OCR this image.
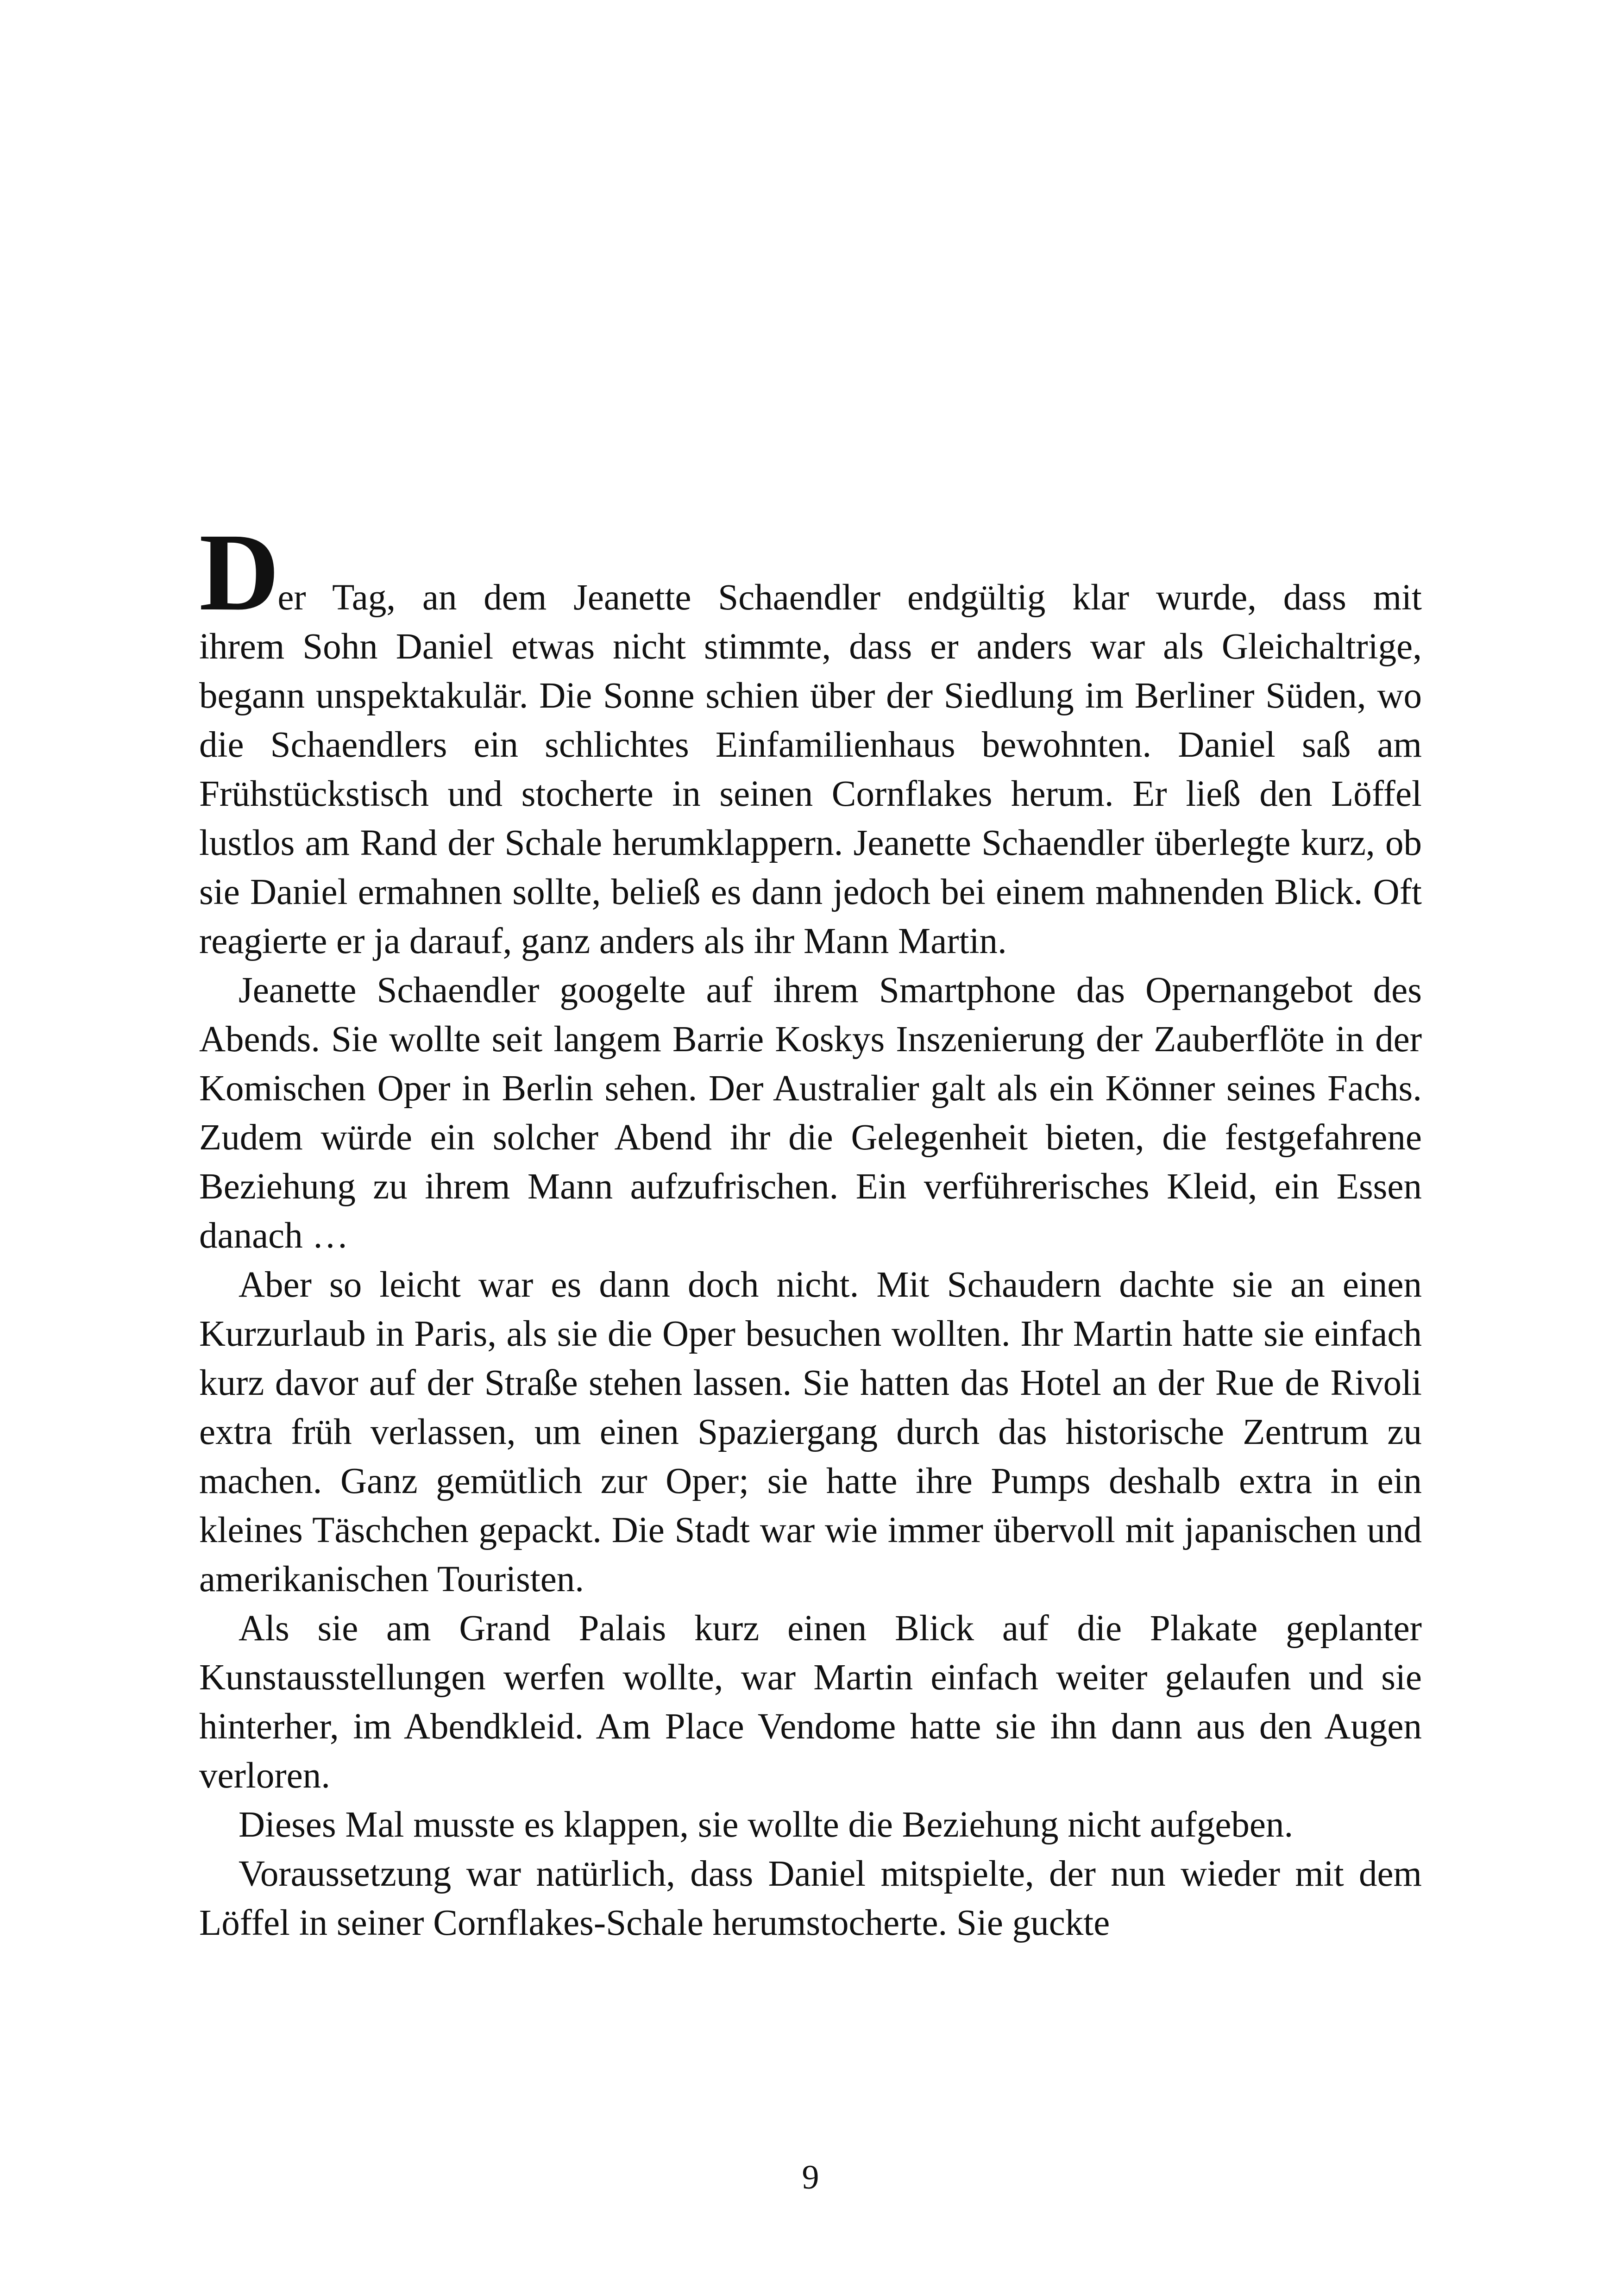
Der Tag, an dem Jeanette Schaendler endgültig klar wurde, dass mit

ihrem Sohn Daniel etwas nicht stimmte, dass er anders war als Gleichaltrige, begann unspektakulär. Die Sonne schien über der Siedlung im Berliner Süden, wo die Schaendlers ein schlichtes Einfamilienhaus bewohnten. Daniel saß am Frühstückstisch und stocherte in seinen Cornflakes herum. Er ließ den Löffel lustlos am Rand der Schale herumklappern. Jeanette Schaendler überlegte kurz, ob sie Daniel ermahnen sollte, beließ es dann jedoch bei einem mahnenden Blick. Oft reagierte er ja darauf, ganz anders als ihr Mann Martin.

Jeanette Schaendler googelte auf ihrem Smartphone das Opernangebot des Abends. Sie wollte seit langem Barrie Koskys Inszenierung der Zauberflöte in der Komischen Oper in Berlin sehen. Der Australier galt als ein Könner seines Fachs. Zudem würde ein solcher Abend ihr die Gelegenheit bieten, die festgefahrene Beziehung zu ihrem Mann aufzufrischen. Ein verführerisches Kleid, ein Essen danach …

Aber so leicht war es dann doch nicht. Mit Schaudern dachte sie an einen Kurzurlaub in Paris, als sie die Oper besuchen wollten. Ihr Martin hatte sie einfach kurz davor auf der Straße stehen lassen. Sie hatten das Hotel an der Rue de Rivoli extra früh verlassen, um einen Spaziergang durch das historische Zentrum zu machen. Ganz gemütlich zur Oper; sie hatte ihre Pumps deshalb extra in ein kleines Täschchen gepackt. Die Stadt war wie immer übervoll mit japanischen und amerikanischen Touristen.

Als sie am Grand Palais kurz einen Blick auf die Plakate geplanter Kunstausstellungen werfen wollte, war Martin einfach weiter gelaufen und sie hinterher, im Abendkleid. Am Place Vendome hatte sie ihn dann aus den Augen verloren.

Dieses Mal musste es klappen, sie wollte die Beziehung nicht aufgeben.

Voraussetzung war natürlich, dass Daniel mitspielte, der nun wieder mit dem Löffel in seiner Cornflakes-Schale herumstocherte. Sie guckte

9
